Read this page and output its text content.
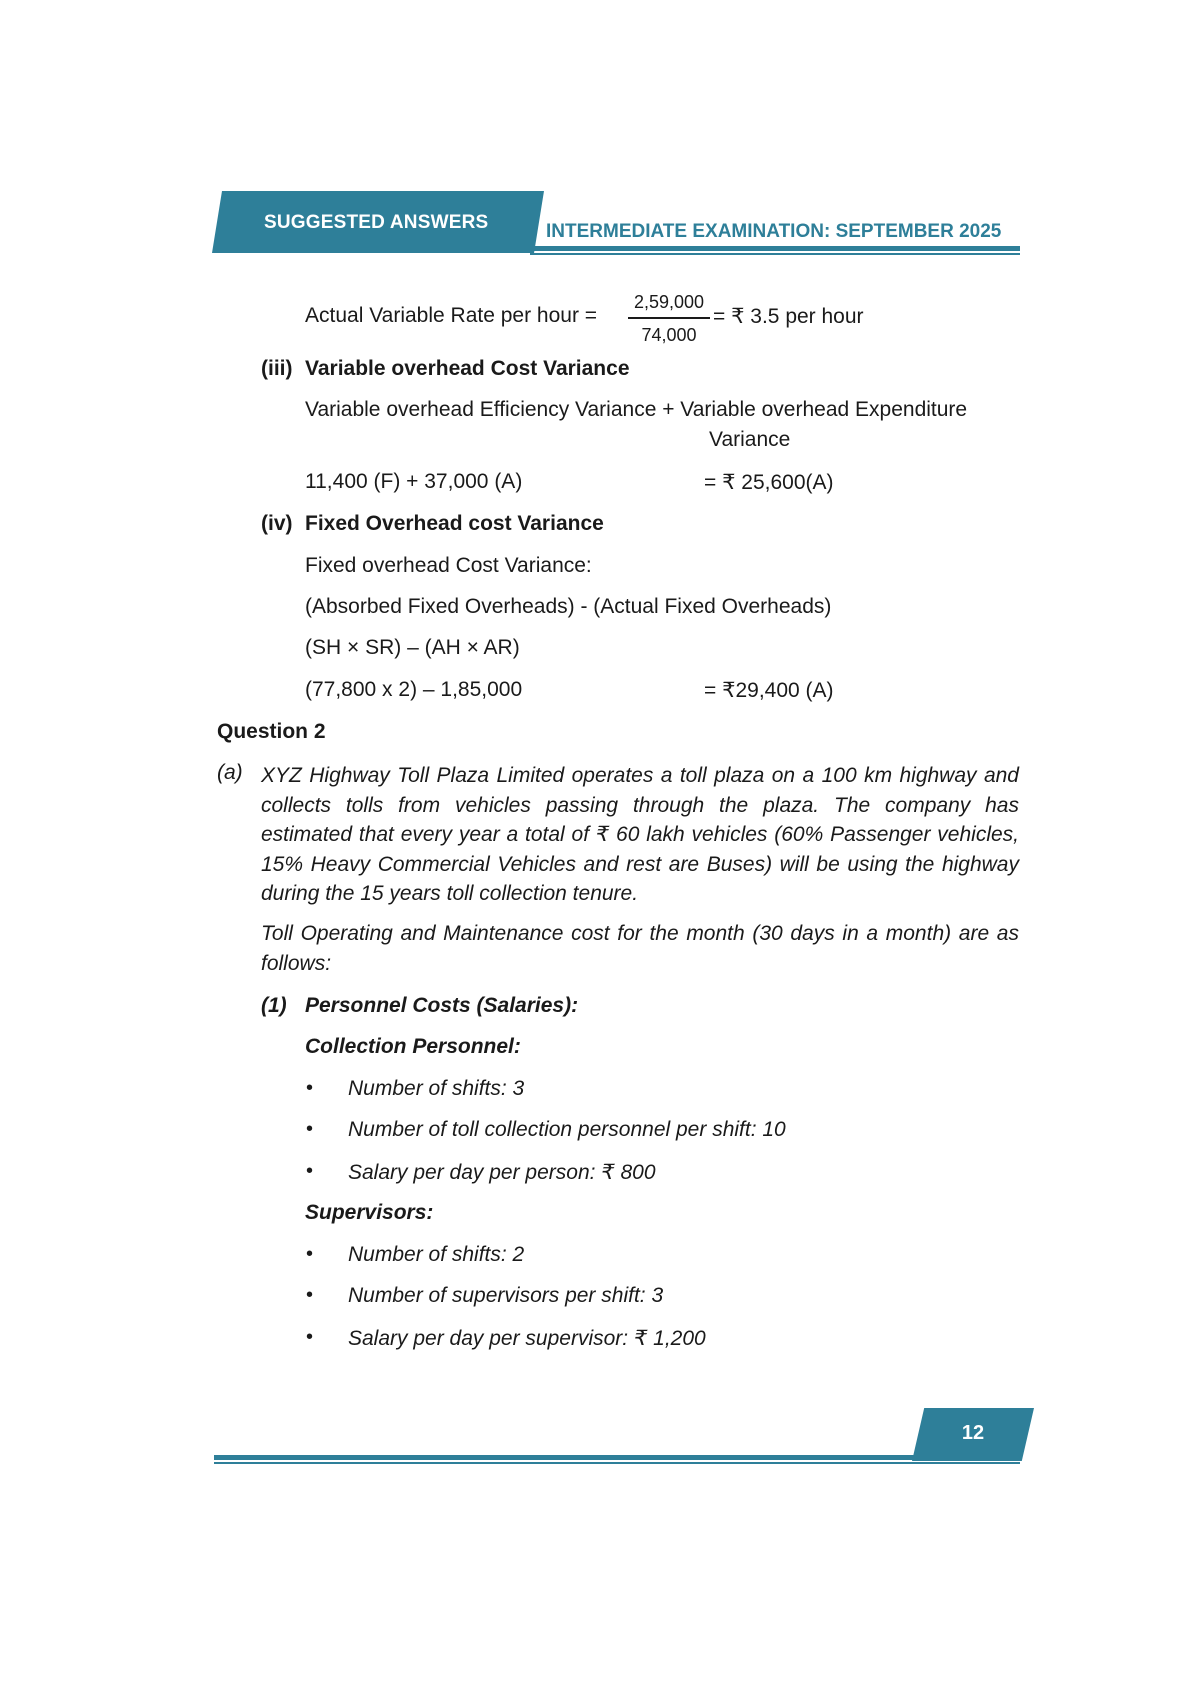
SUGGESTED ANSWERS	INTERMEDIATE EXAMINATION: SEPTEMBER 2025
Actual Variable Rate per hour =
2,59,000
74,000
= ₹ 3.5 per hour
(iii) Variable overhead Cost Variance
Variable overhead Efficiency Variance + Variable overhead Expenditure
Variance
11,400 (F) + 37,000 (A)	= ₹ 25,600(A)
(iv) Fixed Overhead cost Variance
Fixed overhead Cost Variance:
(Absorbed Fixed Overheads) - (Actual Fixed Overheads)
(SH × SR) – (AH × AR)
(77,800 x 2) – 1,85,000	= ₹29,400 (A)
Question 2
(a) XYZ Highway Toll Plaza Limited operates a toll plaza on a 100 km highway and collects tolls from vehicles passing through the plaza. The company has estimated that every year a total of ₹ 60 lakh vehicles (60% Passenger vehicles, 15% Heavy Commercial Vehicles and rest are Buses) will be using the highway during the 15 years toll collection tenure.

Toll Operating and Maintenance cost for the month (30 days in a month) are as follows:

(1) Personnel Costs (Salaries):
Collection Personnel:
• Number of shifts: 3
• Number of toll collection personnel per shift: 10
• Salary per day per person: ₹ 800
Supervisors:
• Number of shifts: 2
• Number of supervisors per shift: 3
• Salary per day per supervisor: ₹ 1,200
12
